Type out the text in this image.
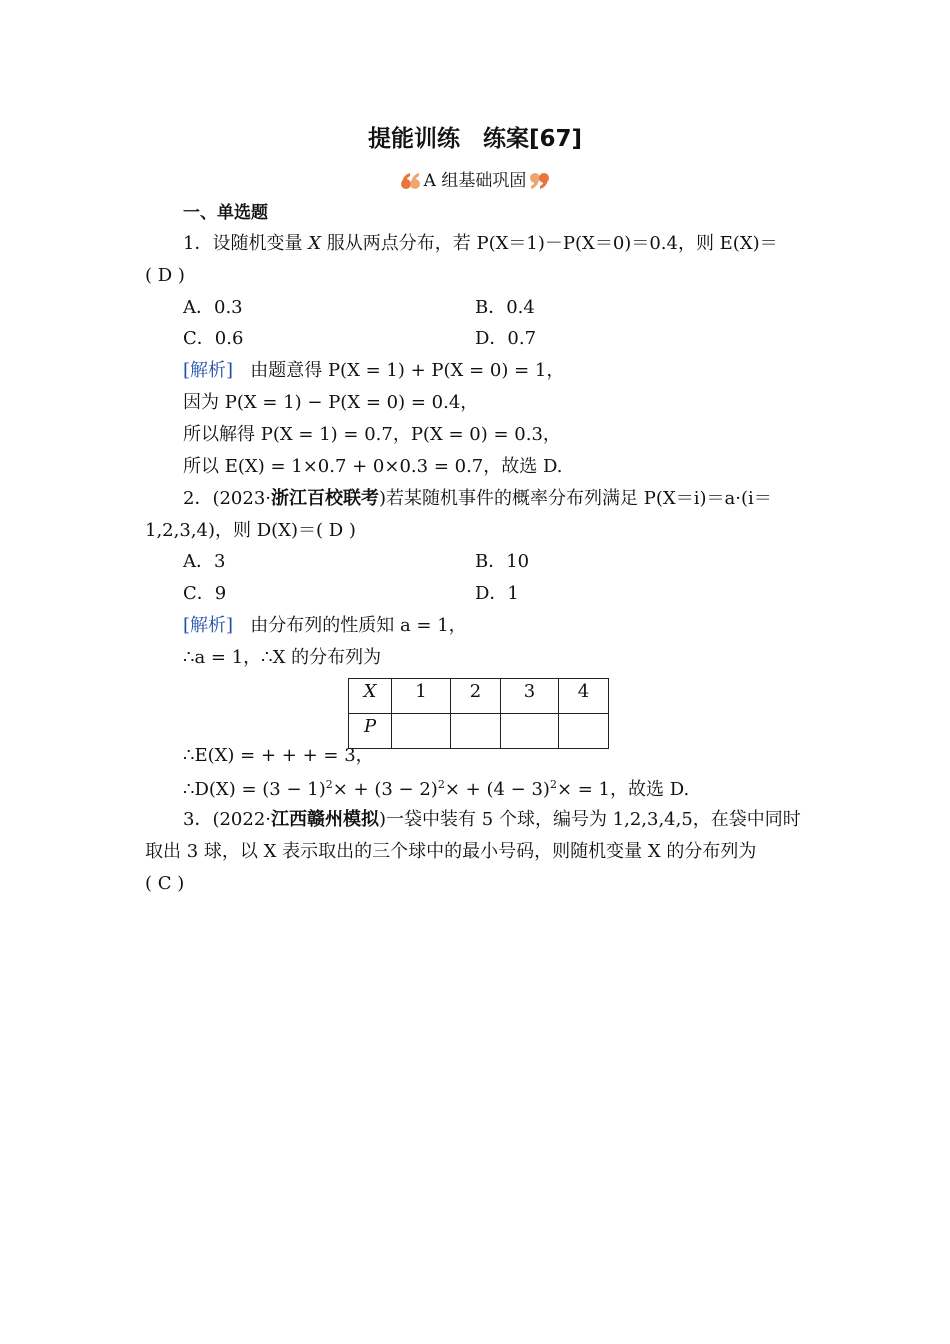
提能训练　练案[67]
A 组基础巩固
一、单选题
1．设随机变量 X 服从两点分布，若 P(X＝1)－P(X＝0)＝0.4，则 E(X)＝
( D )
A．0.3	B．0.4
C．0.6	D．0.7
[解析] 由题意得 P(X = 1) + P(X = 0) = 1，
因为 P(X = 1) − P(X = 0) = 0.4，
所以解得 P(X = 1) = 0.7，P(X = 0) = 0.3，
所以 E(X) = 1×0.7 + 0×0.3 = 0.7，故选 D.
2．(2023·浙江百校联考)若某随机事件的概率分布列满足 P(X＝i)＝a·(i＝
1,2,3,4)，则 D(X)＝( D )
A．3	B．10
C．9	D．1
[解析] 由分布列的性质知 a = 1，
∴a = 1，∴X 的分布列为
X	1	2	3	4
P				
∴E(X) = + + + = 3，
∴D(X) = $(3 - 1)^2\times + (3 - 2)^2\times + (4 - 3)^2\times = 1$，故选 D.
3．(2022·江西赣州模拟)一袋中装有 5 个球，编号为 1,2,3,4,5，在袋中同时
取出 3 球，以 X 表示取出的三个球中的最小号码，则随机变量 X 的分布列为
( C )
